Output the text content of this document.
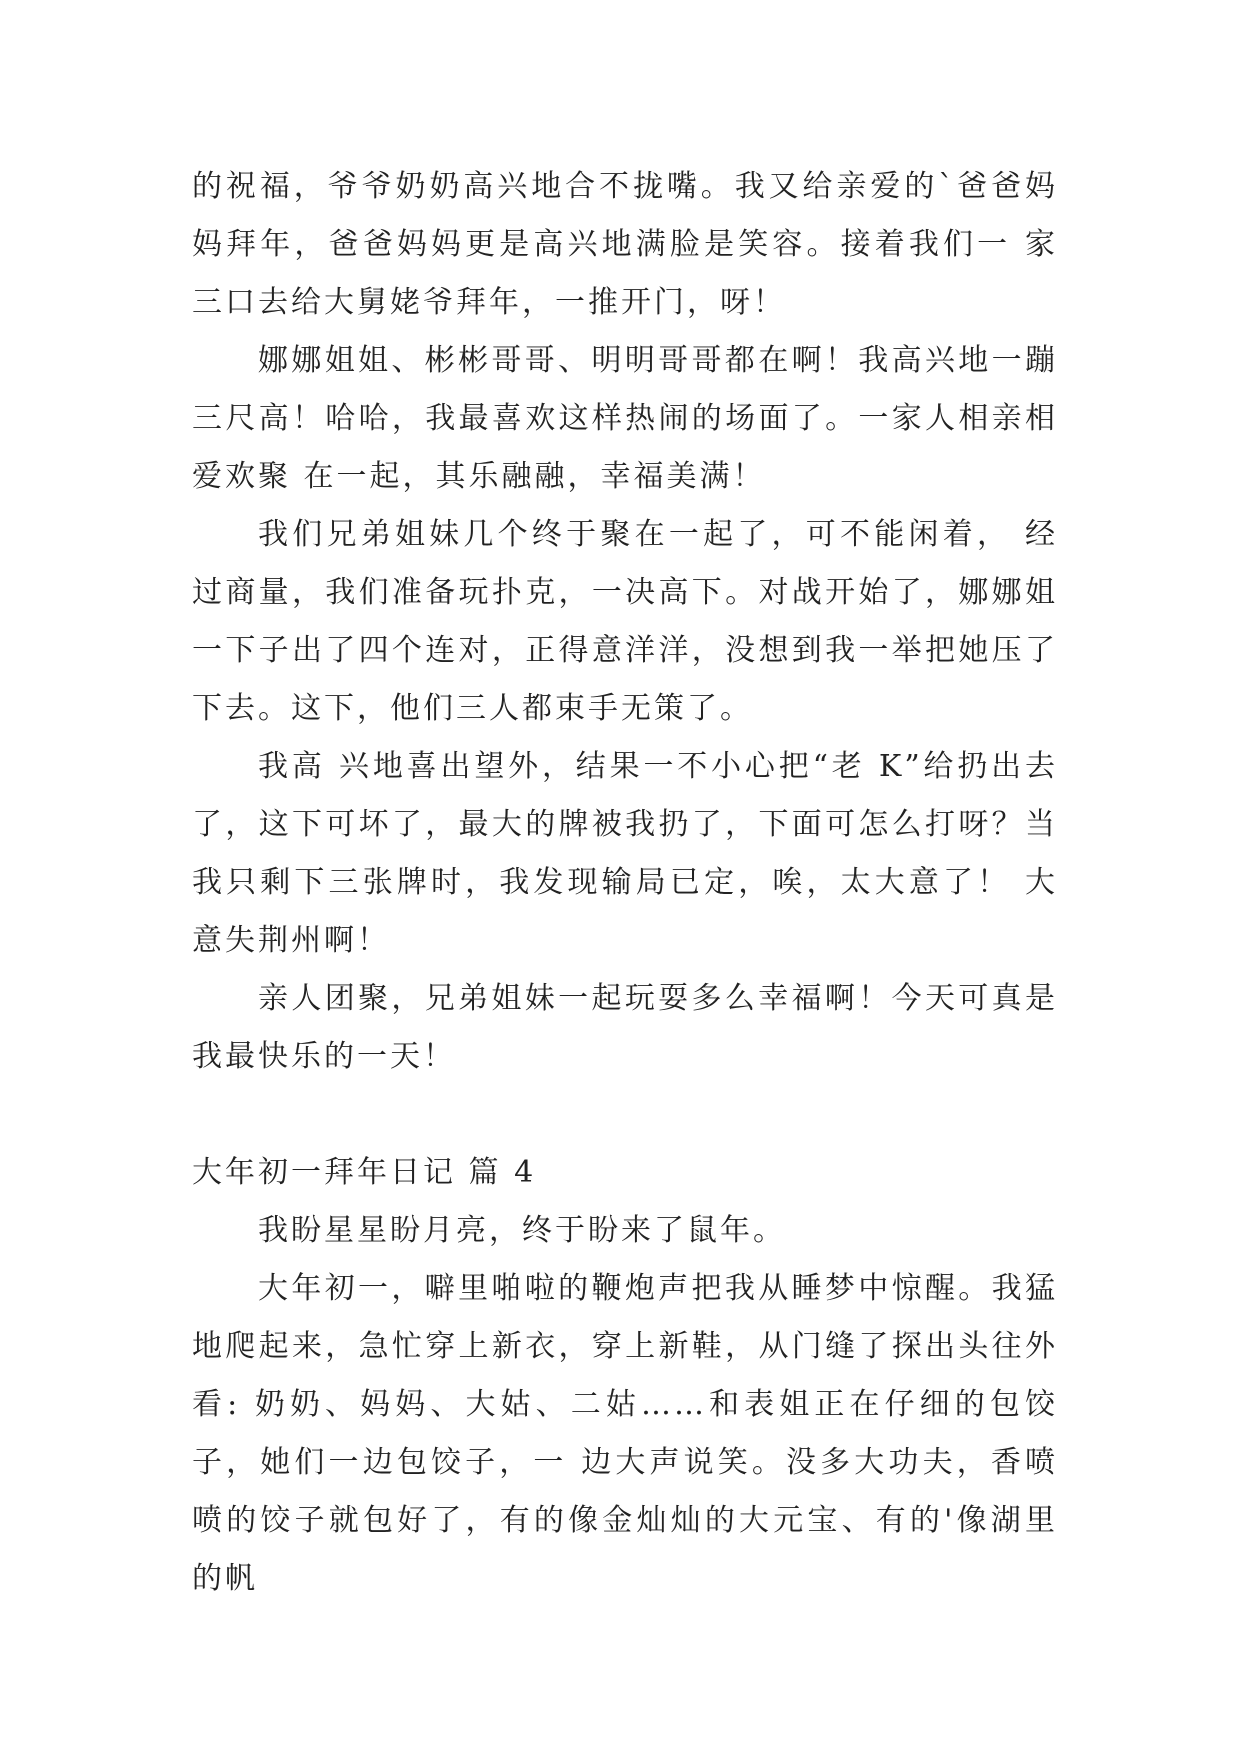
的祝福，爷爷奶奶高兴地合不拢嘴。我又给亲爱的`爸爸妈妈拜年，爸爸妈妈更是高兴地满脸是笑容。接着我们一 家三口去给大舅姥爷拜年，一推开门，呀！

娜娜姐姐、彬彬哥哥、明明哥哥都在啊！我高兴地一蹦三尺高！哈哈，我最喜欢这样热闹的场面了。一家人相亲相爱欢聚 在一起，其乐融融，幸福美满！

我们兄弟姐妹几个终于聚在一起了，可不能闲着， 经过商量，我们准备玩扑克，一决高下。对战开始了，娜娜姐一下子出了四个连对，正得意洋洋，没想到我一举把她压了下去。这下，他们三人都束手无策了。

我高 兴地喜出望外，结果一不小心把“老 K”给扔出去了，这下可坏了，最大的牌被我扔了，下面可怎么打呀？当我只剩下三张牌时，我发现输局已定，唉，太大意了！ 大意失荆州啊！

亲人团聚，兄弟姐妹一起玩耍多么幸福啊！今天可真是我最快乐的一天！

大年初一拜年日记 篇 4

我盼星星盼月亮，终于盼来了鼠年。

大年初一，噼里啪啦的鞭炮声把我从睡梦中惊醒。我猛地爬起来，急忙穿上新衣，穿上新鞋，从门缝了探出头往外看: 奶奶、妈妈、大姑、二姑……和表姐正在仔细的包饺子，她们一边包饺子，一 边大声说笑。没多大功夫，香喷喷的饺子就包好了，有的像金灿灿的大元宝、有的'像湖里的帆
